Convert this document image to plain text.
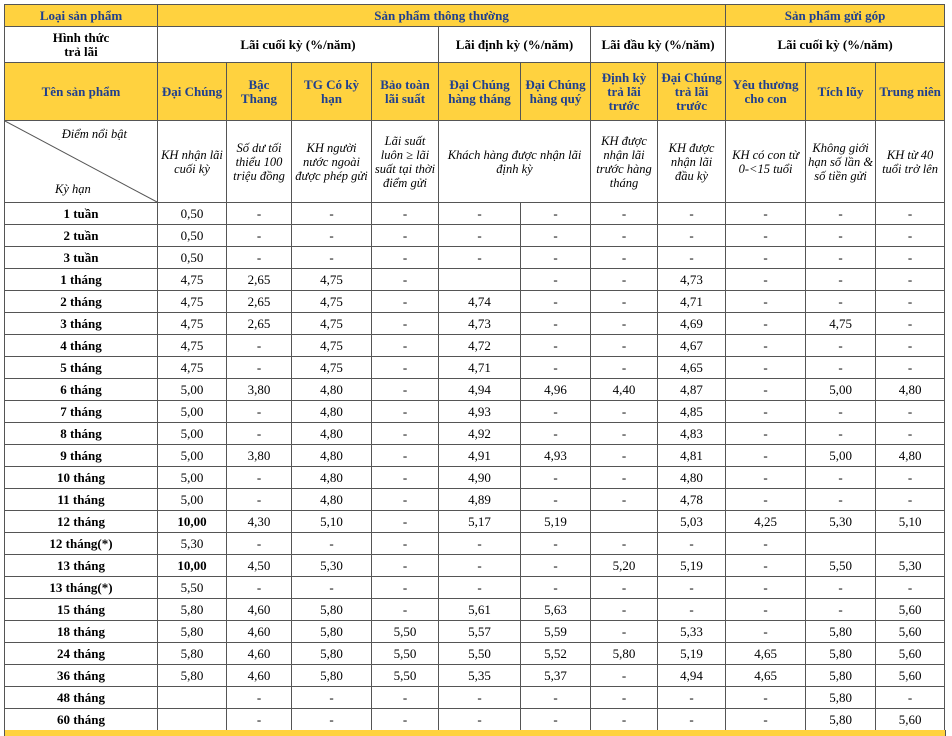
Loại sản phẩm	Sản phẩm thông thường								Sản phẩm gửi góp		
Hình thức
trả lãi	Lãi cuối kỳ (%/năm)				Lãi định kỳ (%/năm)		Lãi đầu kỳ (%/năm)		Lãi cuối kỳ (%/năm)		
Tên sản phẩm	Đại Chúng	Bậc Thang	TG Có kỳ hạn	Bảo toàn lãi suất	Đại Chúng hàng tháng	Đại Chúng hàng quý	Định kỳ trả lãi trước	Đại Chúng trả lãi trước	Yêu thương cho con	Tích lũy	Trung niên

Điểm nổi bật
Kỳ hạn	KH nhận lãi cuối kỳ	Số dư tối thiểu 100 triệu đồng	KH người nước ngoài được phép gửi	Lãi suất luôn ≥ lãi suất tại thời điểm gửi	Khách hàng được nhận lãi định kỳ		KH được nhận lãi trước hàng tháng	KH được nhận lãi đầu kỳ	KH có con từ 0-<15 tuổi	Không giới hạn số lần & số tiền gửi	KH từ 40 tuổi trở lên
1 tuần	0,50	-	-	-	-	-	-	-	-	-	-
2 tuần	0,50	-	-	-	-	-	-	-	-	-	-
3 tuần	0,50	-	-	-	-	-	-	-	-	-	-
1 tháng	4,75	2,65	4,75	-		-	-	4,73	-	-	-
2 tháng	4,75	2,65	4,75	-	4,74	-	-	4,71	-	-	-
3 tháng	4,75	2,65	4,75	-	4,73	-	-	4,69	-	4,75	-
4 tháng	4,75	-	4,75	-	4,72	-	-	4,67	-	-	-
5 tháng	4,75	-	4,75	-	4,71	-	-	4,65	-	-	-
6 tháng	5,00	3,80	4,80	-	4,94	4,96	4,40	4,87	-	5,00	4,80
7 tháng	5,00	-	4,80	-	4,93	-	-	4,85	-	-	-
8 tháng	5,00	-	4,80	-	4,92	-	-	4,83	-	-	-
9 tháng	5,00	3,80	4,80	-	4,91	4,93	-	4,81	-	5,00	4,80
10 tháng	5,00	-	4,80	-	4,90	-	-	4,80	-	-	-
11 tháng	5,00	-	4,80	-	4,89	-	-	4,78	-	-	-
12 tháng	10,00	4,30	5,10	-	5,17	5,19		5,03	4,25	5,30	5,10
12 tháng(*)	5,30	-	-	-	-	-	-	-	-		
13 tháng	10,00	4,50	5,30	-	-	-	5,20	5,19	-	5,50	5,30
13 tháng(*)	5,50	-	-	-	-	-	-	-	-	-	-
15 tháng	5,80	4,60	5,80	-	5,61	5,63	-	-	-	-	5,60
18 tháng	5,80	4,60	5,80	5,50	5,57	5,59	-	5,33	-	5,80	5,60
24 tháng	5,80	4,60	5,80	5,50	5,50	5,52	5,80	5,19	4,65	5,80	5,60
36 tháng	5,80	4,60	5,80	5,50	5,35	5,37	-	4,94	4,65	5,80	5,60
48 tháng		-	-	-	-	-	-	-	-	5,80	-
60 tháng		-	-	-	-	-	-	-	-	5,80	5,60
